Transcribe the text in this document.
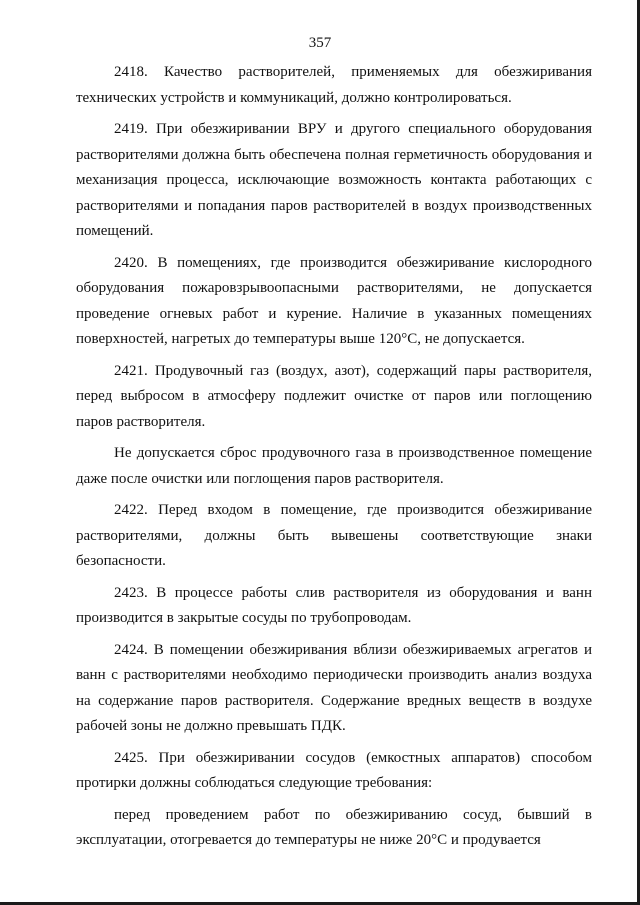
357

2418. Качество растворителей, применяемых для обезжиривания технических устройств и коммуникаций, должно контролироваться.

2419. При обезжиривании ВРУ и другого специального оборудования растворителями должна быть обеспечена полная герметичность оборудования и механизация процесса, исключающие возможность контакта работающих с растворителями и попадания паров растворителей в воздух производственных помещений.

2420. В помещениях, где производится обезжиривание кислородного оборудования пожаровзрывоопасными растворителями, не допускается проведение огневых работ и курение. Наличие в указанных помещениях поверхностей, нагретых до температуры выше 120°С, не допускается.

2421. Продувочный газ (воздух, азот), содержащий пары растворителя, перед выбросом в атмосферу подлежит очистке от паров или поглощению паров растворителя.

Не допускается сброс продувочного газа в производственное помещение даже после очистки или поглощения паров растворителя.

2422. Перед входом в помещение, где производится обезжиривание растворителями, должны быть вывешены соответствующие знаки безопасности.

2423. В процессе работы слив растворителя из оборудования и ванн производится в закрытые сосуды по трубопроводам.

2424. В помещении обезжиривания вблизи обезжириваемых агрегатов и ванн с растворителями необходимо периодически производить анализ воздуха на содержание паров растворителя. Содержание вредных веществ в воздухе рабочей зоны не должно превышать ПДК.

2425. При обезжиривании сосудов (емкостных аппаратов) способом протирки должны соблюдаться следующие требования:

перед проведением работ по обезжириванию сосуд, бывший в эксплуатации, отогревается до температуры не ниже 20°С и продувается
